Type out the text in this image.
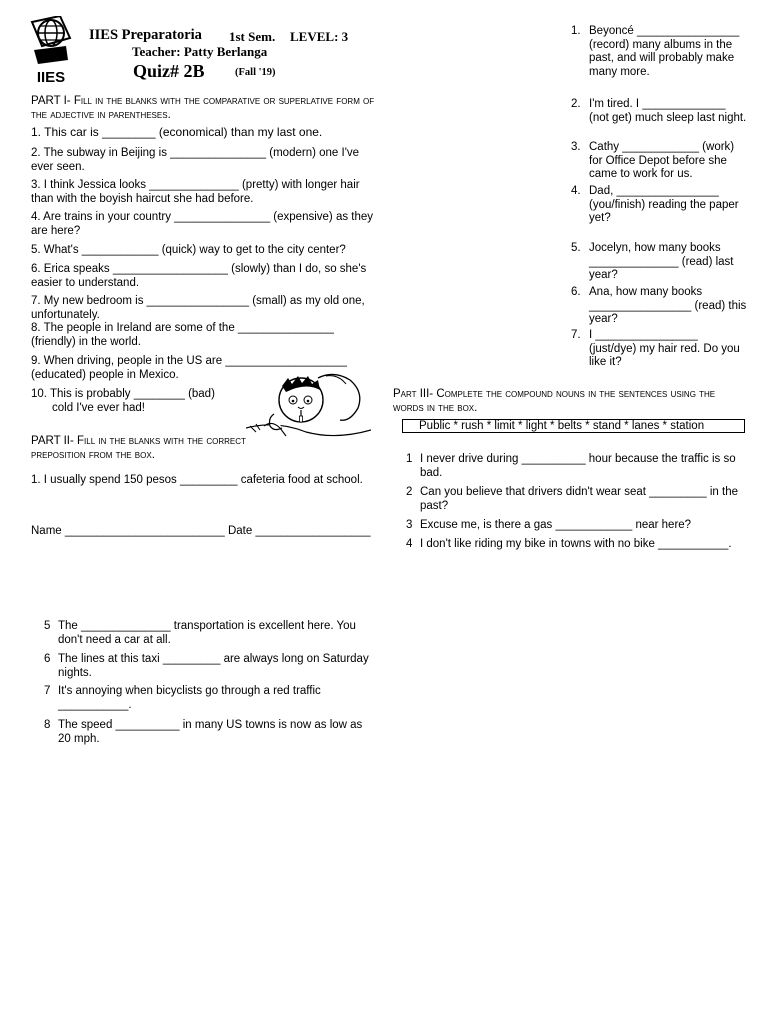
IIES
IIES Preparatoria 1st Sem. LEVEL: 3
Teacher: Patty Berlanga
Quiz# 2B	(Fall '19)
PART I- Fill in the blanks with the comparative or superlative form of the adjective in parentheses.

1. This car is ________ (economical) than my last one.

2. The subway in Beijing is _______________ (modern) one I've ever seen.

3. I think Jessica looks ______________ (pretty) with longer hair than with the boyish haircut she had before.

4. Are trains in your country _______________ (expensive) as they are here?

5. What's ____________ (quick) way to get to the city center?

6. Erica speaks __________________ (slowly) than I do, so she's easier to understand.

7. My new bedroom is ________________ (small) as my old one, unfortunately.

8. The people in Ireland are some of the _______________ (friendly) in the world.

9. When driving, people in the US are ___________________ (educated) people in Mexico.

10. This is probably ________ (bad)

cold I've ever had!

PART II- Fill in the blanks with the correct preposition from the box.

1. I usually spend 150 pesos _________ cafeteria food at school.

Name _________________________ Date __________________

1. Beyoncé ________________ (record) many albums in the past, and will probably make many more.
2. I'm tired. I _____________ (not get) much sleep last night.
3. Cathy ____________ (work) for Office Depot before she came to work for us.
4. Dad, ________________ (you/finish) reading the paper yet?
5. Jocelyn, how many books ______________ (read) last year?
6. Ana, how many books ________________ (read) this year?
7. I ________________ (just/dye) my hair red. Do you like it?
Part III- Complete the compound nouns in the sentences using the words in the box.
Public * rush * limit * light * belts * stand * lanes * station
1 I never drive during __________ hour because the traffic is so bad.
2 Can you believe that drivers didn't wear seat _________ in the past?
3 Excuse me, is there a gas ____________ near here?
4 I don't like riding my bike in towns with no bike ___________.
5 The ______________ transportation is excellent here. You don't need a car at all.
6 The lines at this taxi _________ are always long on Saturday nights.
7 It's annoying when bicyclists go through a red traffic ___________.
8 The speed __________ in many US towns is now as low as 20 mph.
